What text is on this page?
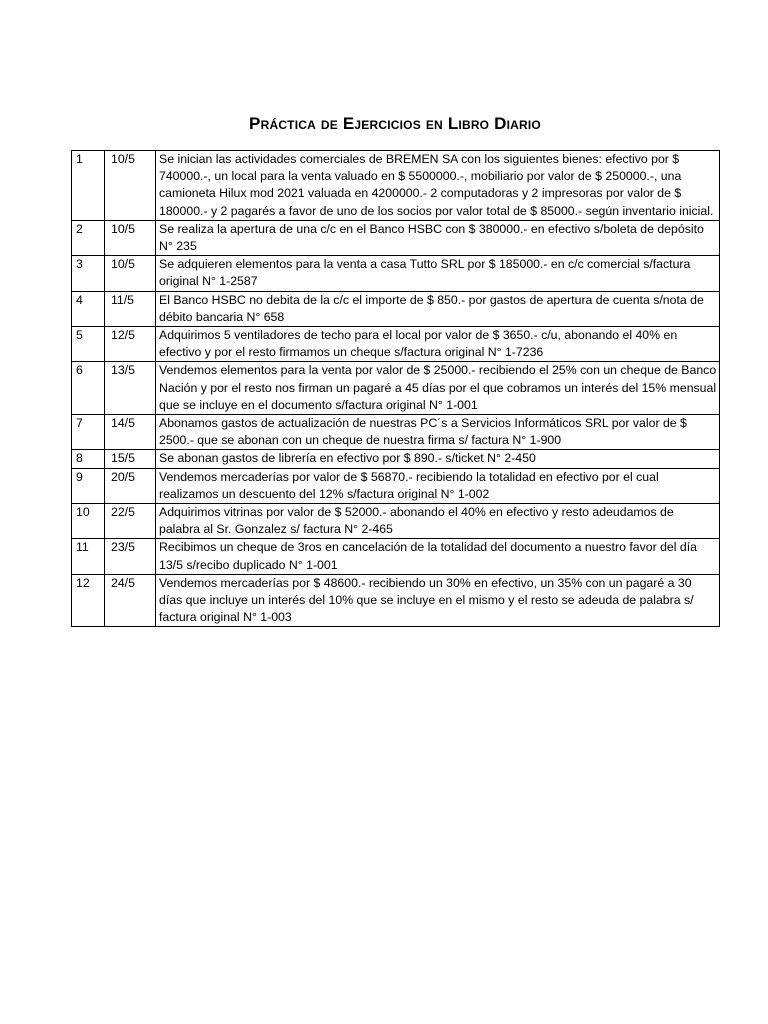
Práctica de Ejercicios en Libro Diario
1	10/5	Se inician las actividades comerciales de BREMEN SA con los siguientes bienes: efectivo por $ 740000.-, un local para la venta valuado en $ 5500000.-, mobiliario por valor de $ 250000.-, una camioneta Hilux mod 2021 valuada en 4200000.- 2 computadoras y 2 impresoras por valor de $ 180000.- y 2 pagarés a favor de uno de los socios por valor total de $ 85000.- según inventario inicial.
2	10/5	Se realiza la apertura de una c/c en el Banco HSBC con $ 380000.- en efectivo s/boleta de depósito N° 235
3	10/5	Se adquieren elementos para la venta a casa Tutto SRL por $ 185000.- en c/c comercial s/factura original N° 1-2587
4	11/5	El Banco HSBC no debita de la c/c el importe de $ 850.- por gastos de apertura de cuenta s/nota de débito bancaria N° 658
5	12/5	Adquirimos 5 ventiladores de techo para el local por valor de $ 3650.- c/u, abonando el 40% en efectivo y por el resto firmamos un cheque s/factura original N° 1-7236
6	13/5	Vendemos elementos para la venta por valor de $ 25000.- recibiendo el 25% con un cheque de Banco Nación y por el resto nos firman un pagaré a 45 días por el que cobramos un interés del 15% mensual que se incluye en el documento s/factura original N° 1-001
7	14/5	Abonamos gastos de actualización de nuestras PC´s a Servicios Informáticos SRL por valor de $ 2500.- que se abonan con un cheque de nuestra firma s/ factura N° 1-900
8	15/5	Se abonan gastos de librería en efectivo por $ 890.- s/ticket N° 2-450
9	20/5	Vendemos mercaderías por valor de $ 56870.- recibiendo la totalidad en efectivo por el cual realizamos un descuento del 12% s/factura original N° 1-002
10	22/5	Adquirimos vitrinas por valor de $ 52000.- abonando el 40% en efectivo y resto adeudamos de palabra al Sr. Gonzalez s/ factura N° 2-465
11	23/5	Recibimos un cheque de 3ros en cancelación de la totalidad del documento a nuestro favor del día 13/5 s/recibo duplicado N° 1-001
12	24/5	Vendemos mercaderías por $ 48600.- recibiendo un 30% en efectivo, un 35% con un pagaré a 30 días que incluye un interés del 10% que se incluye en el mismo y el resto se adeuda de palabra s/ factura original N° 1-003
